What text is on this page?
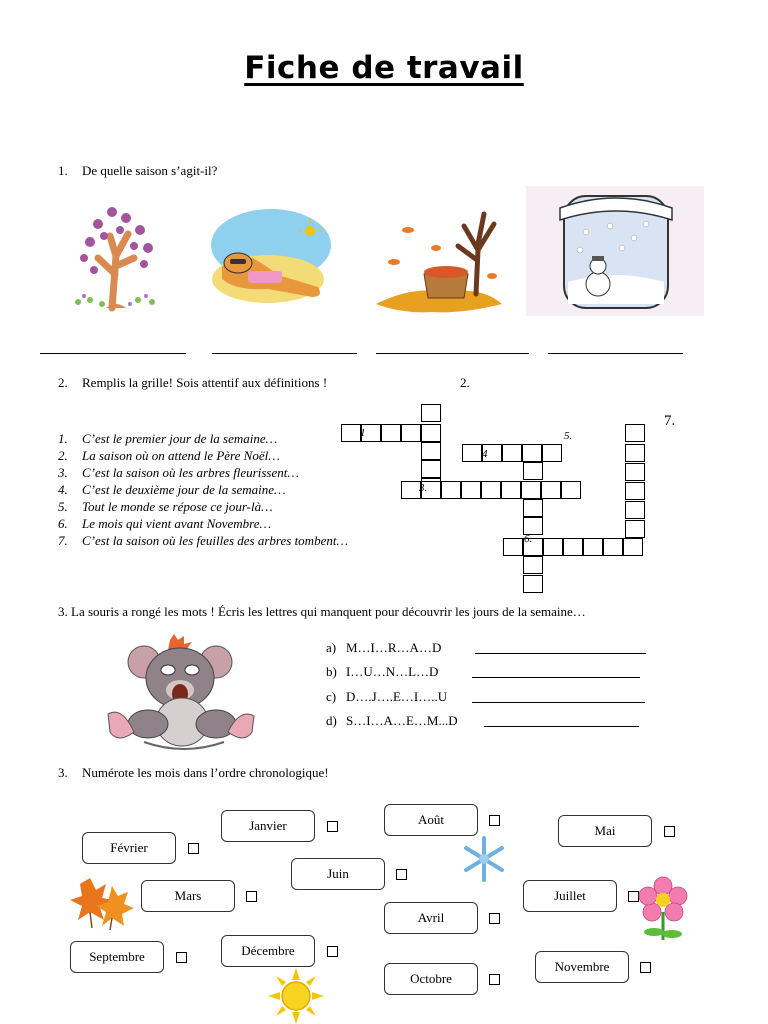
Fiche de travail
1. De quelle saison s’agit-il?
2. Remplis la grille! Sois attentif aux définitions !	2.
1. C’est le premier jour de la semaine…
2. La saison où on attend le Père Noël…
3. C’est la saison où les arbres fleurissent…
4. C’est le deuxième jour de la semaine…
5. Tout le monde se répose ce jour-là…
6. Le mois qui vient avant Novembre…
7. C’est la saison où les feuilles des arbres tombent…
1
4
5.
3.
6.
7.
3. La souris a rongé les mots ! Écris les lettres qui manquent pour découvrir les jours de la semaine…
a) M…I…R…A…D
b) I…U…N…L…D
c) D….J….E…I…..U
d) S…I…A…E…M...D
3. Numérote les mois dans l’ordre chronologique!
Janvier	Août
Mai
Février
Juin
Mars	Juillet
Avril
Septembre	Décembre
Novembre
Octobre
